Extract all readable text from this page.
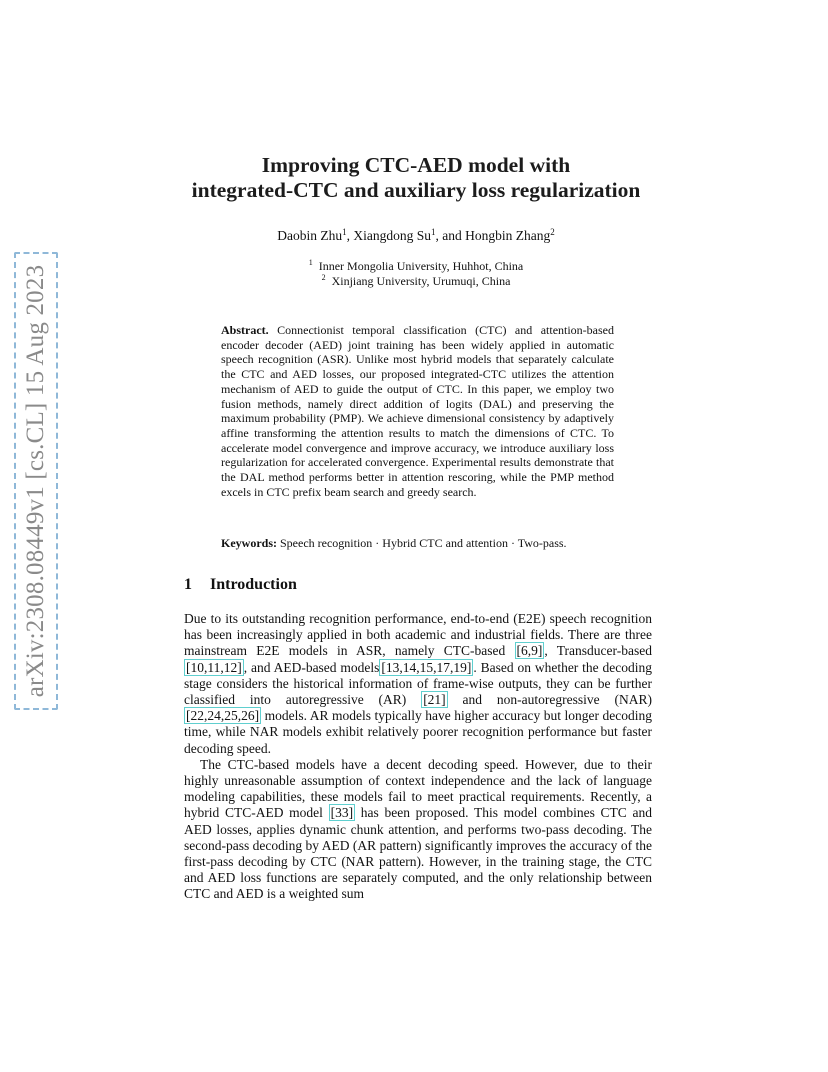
arXiv:2308.08449v1 [cs.CL] 15 Aug 2023
Improving CTC-AED model with
integrated-CTC and auxiliary loss regularization
Daobin Zhu$^1$, Xiangdong Su$^1$, and Hongbin Zhang$^2$
$^1$ Inner Mongolia University, Huhhot, China
$^2$ Xinjiang University, Urumuqi, China
Abstract. Connectionist temporal classification (CTC) and attention-based encoder decoder (AED) joint training has been widely applied in automatic speech recognition (ASR). Unlike most hybrid models that separately calculate the CTC and AED losses, our proposed integrated-CTC utilizes the attention mechanism of AED to guide the output of CTC. In this paper, we employ two fusion methods, namely direct addition of logits (DAL) and preserving the maximum probability (PMP). We achieve dimensional consistency by adaptively affine transforming the attention results to match the dimensions of CTC. To accelerate model convergence and improve accuracy, we introduce auxiliary loss regularization for accelerated convergence. Experimental results demonstrate that the DAL method performs better in attention rescoring, while the PMP method excels in CTC prefix beam search and greedy search.
Keywords: Speech recognition · Hybrid CTC and attention · Two-pass.
1 Introduction

Due to its outstanding recognition performance, end-to-end (E2E) speech recognition has been increasingly applied in both academic and industrial fields. There are three mainstream E2E models in ASR, namely CTC-based [6,9] , Transducer-based [10,11,12] , and AED-based models [13,14,15,17,19] . Based on whether the decoding stage considers the historical information of frame-wise outputs, they can be further classified into autoregressive (AR) [21] and non-autoregressive (NAR) [22,24,25,26] models. AR models typically have higher accuracy but longer decoding time, while NAR models exhibit relatively poorer recognition performance but faster decoding speed.

The CTC-based models have a decent decoding speed. However, due to their highly unreasonable assumption of context independence and the lack of language modeling capabilities, these models fail to meet practical requirements. Recently, a hybrid CTC-AED model [33] has been proposed. This model combines CTC and AED losses, applies dynamic chunk attention, and performs two-pass decoding. The second-pass decoding by AED (AR pattern) significantly improves the accuracy of the first-pass decoding by CTC (NAR pattern). However, in the training stage, the CTC and AED loss functions are separately computed, and the only relationship between CTC and AED is a weighted sum
